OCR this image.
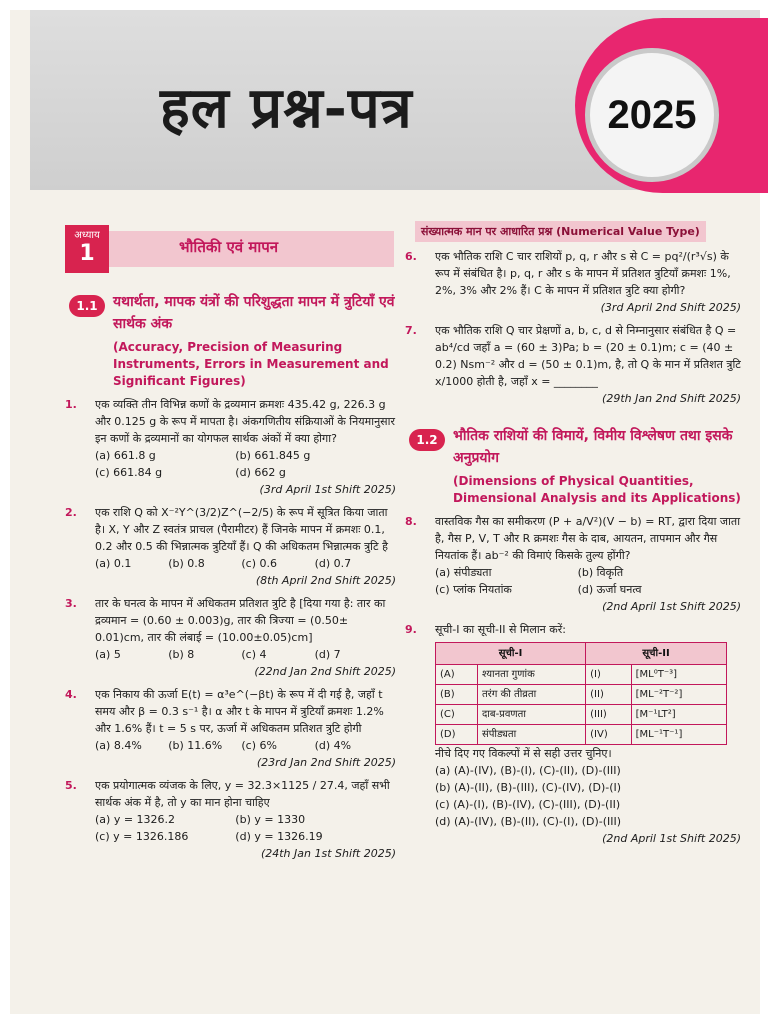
हल प्रश्न-पत्र	2025
अध्याय
1	भौतिकी एवं मापन
1.1	यथार्थता, मापक यंत्रों की परिशुद्धता मापन में त्रुटियाँ एवं सार्थक अंक
(Accuracy, Precision of Measuring Instruments, Errors in Measurement and Significant Figures)
1.	एक व्यक्ति तीन विभिन्न कणों के द्रव्यमान क्रमशः 435.42 g, 226.3 g और 0.125 g के रूप में मापता है। अंकगणितीय संक्रियाओं के नियमानुसार इन कणों के द्रव्यमानों का योगफल सार्थक अंकों में क्या होगा?
(a) 661.8 g	(b) 661.845 g(c) 661.84 g	(d) 662 g
(3rd April 1st Shift 2025)
2.	एक राशि Q को X⁻²Y^(3/2)Z^(−2/5) के रूप में सूत्रित किया जाता है। X, Y और Z स्वतंत्र प्राचल (पैरामीटर) हैं जिनके मापन में क्रमशः 0.1, 0.2 और 0.5 की भिन्नात्मक त्रुटियाँ हैं। Q की अधिकतम भिन्नात्मक त्रुटि है
(a) 0.1	(b) 0.8	(c) 0.6	(d) 0.7
(8th April 2nd Shift 2025)
3.	तार के घनत्व के मापन में अधिकतम प्रतिशत त्रुटि है [दिया गया है: तार का द्रव्यमान = (0.60 ± 0.003)g, तार की त्रिज्या = (0.50± 0.01)cm, तार की लंबाई = (10.00±0.05)cm]
(a) 5	(b) 8	(c) 4	(d) 7
(22nd Jan 2nd Shift 2025)
4.	एक निकाय की ऊर्जा E(t) = α³e^(−βt) के रूप में दी गई है, जहाँ t समय और β = 0.3 s⁻¹ है। α और t के मापन में त्रुटियाँ क्रमशः 1.2% और 1.6% हैं। t = 5 s पर, ऊर्जा में अधिकतम प्रतिशत त्रुटि होगी
(a) 8.4% (b) 11.6% (c) 6%	(d) 4%
(23rd Jan 2nd Shift 2025)
5.	एक प्रयोगात्मक व्यंजक के लिए, y = 32.3×1125 / 27.4, जहाँ सभी सार्थक अंक में है, तो y का मान होना चाहिए
(a) y = 1326.2	(b) y = 1330(c) y = 1326.186	(d) y = 1326.19
(24th Jan 1st Shift 2025)
संख्यात्मक मान पर आधारित प्रश्न (Numerical Value Type)
6.	एक भौतिक राशि C चार राशियों p, q, r और s से C = pq²/(r³√s) के रूप में संबंधित है। p, q, r और s के मापन में प्रतिशत त्रुटियाँ क्रमशः 1%, 2%, 3% और 2% हैं। C के मापन में प्रतिशत त्रुटि क्या होगी?
(3rd April 2nd Shift 2025)
7.	एक भौतिक राशि Q चार प्रेक्षणों a, b, c, d से निम्नानुसार संबंधित है Q = ab⁴/cd जहाँ a = (60 ± 3)Pa; b = (20 ± 0.1)m; c = (40 ± 0.2) Nsm⁻² और d = (50 ± 0.1)m, है, तो Q के मान में प्रतिशत त्रुटि x/1000 होती है, जहाँ x = ________
(29th Jan 2nd Shift 2025)
1.2	भौतिक राशियों की विमायें, विमीय विश्लेषण तथा इसके अनुप्रयोग
(Dimensions of Physical Quantities, Dimensional Analysis and its Applications)
8.	वास्तविक गैस का समीकरण (P + a/V²)(V − b) = RT, द्वारा दिया जाता है, गैस P, V, T और R क्रमशः गैस के दाब, आयतन, तापमान और गैस नियतांक हैं। ab⁻² की विमाएं किसके तुल्य होंगी?
(a) संपीड्यता	(b) विकृति (c) प्लांक नियतांक	(d) ऊर्जा घनत्व
(2nd April 1st Shift 2025)
9.	सूची-I का सूची-II से मिलान करें:
सूची-I		सूची-II	
(A)	श्यानता गुणांक	(I)	[ML⁰T⁻³]
(B)	तरंग की तीव्रता	(II)	[ML⁻²T⁻²]
(C)	दाब-प्रवणता	(III)	[M⁻¹LT²]
(D)	संपीड्यता	(IV)	[ML⁻¹T⁻¹]
नीचे दिए गए विकल्पों में से सही उत्तर चुनिए।
(a) (A)-(IV), (B)-(I), (C)-(II), (D)-(III)
(b) (A)-(II), (B)-(III), (C)-(IV), (D)-(I)
(c) (A)-(I), (B)-(IV), (C)-(III), (D)-(II)
(d) (A)-(IV), (B)-(II), (C)-(I), (D)-(III)
(2nd April 1st Shift 2025)
